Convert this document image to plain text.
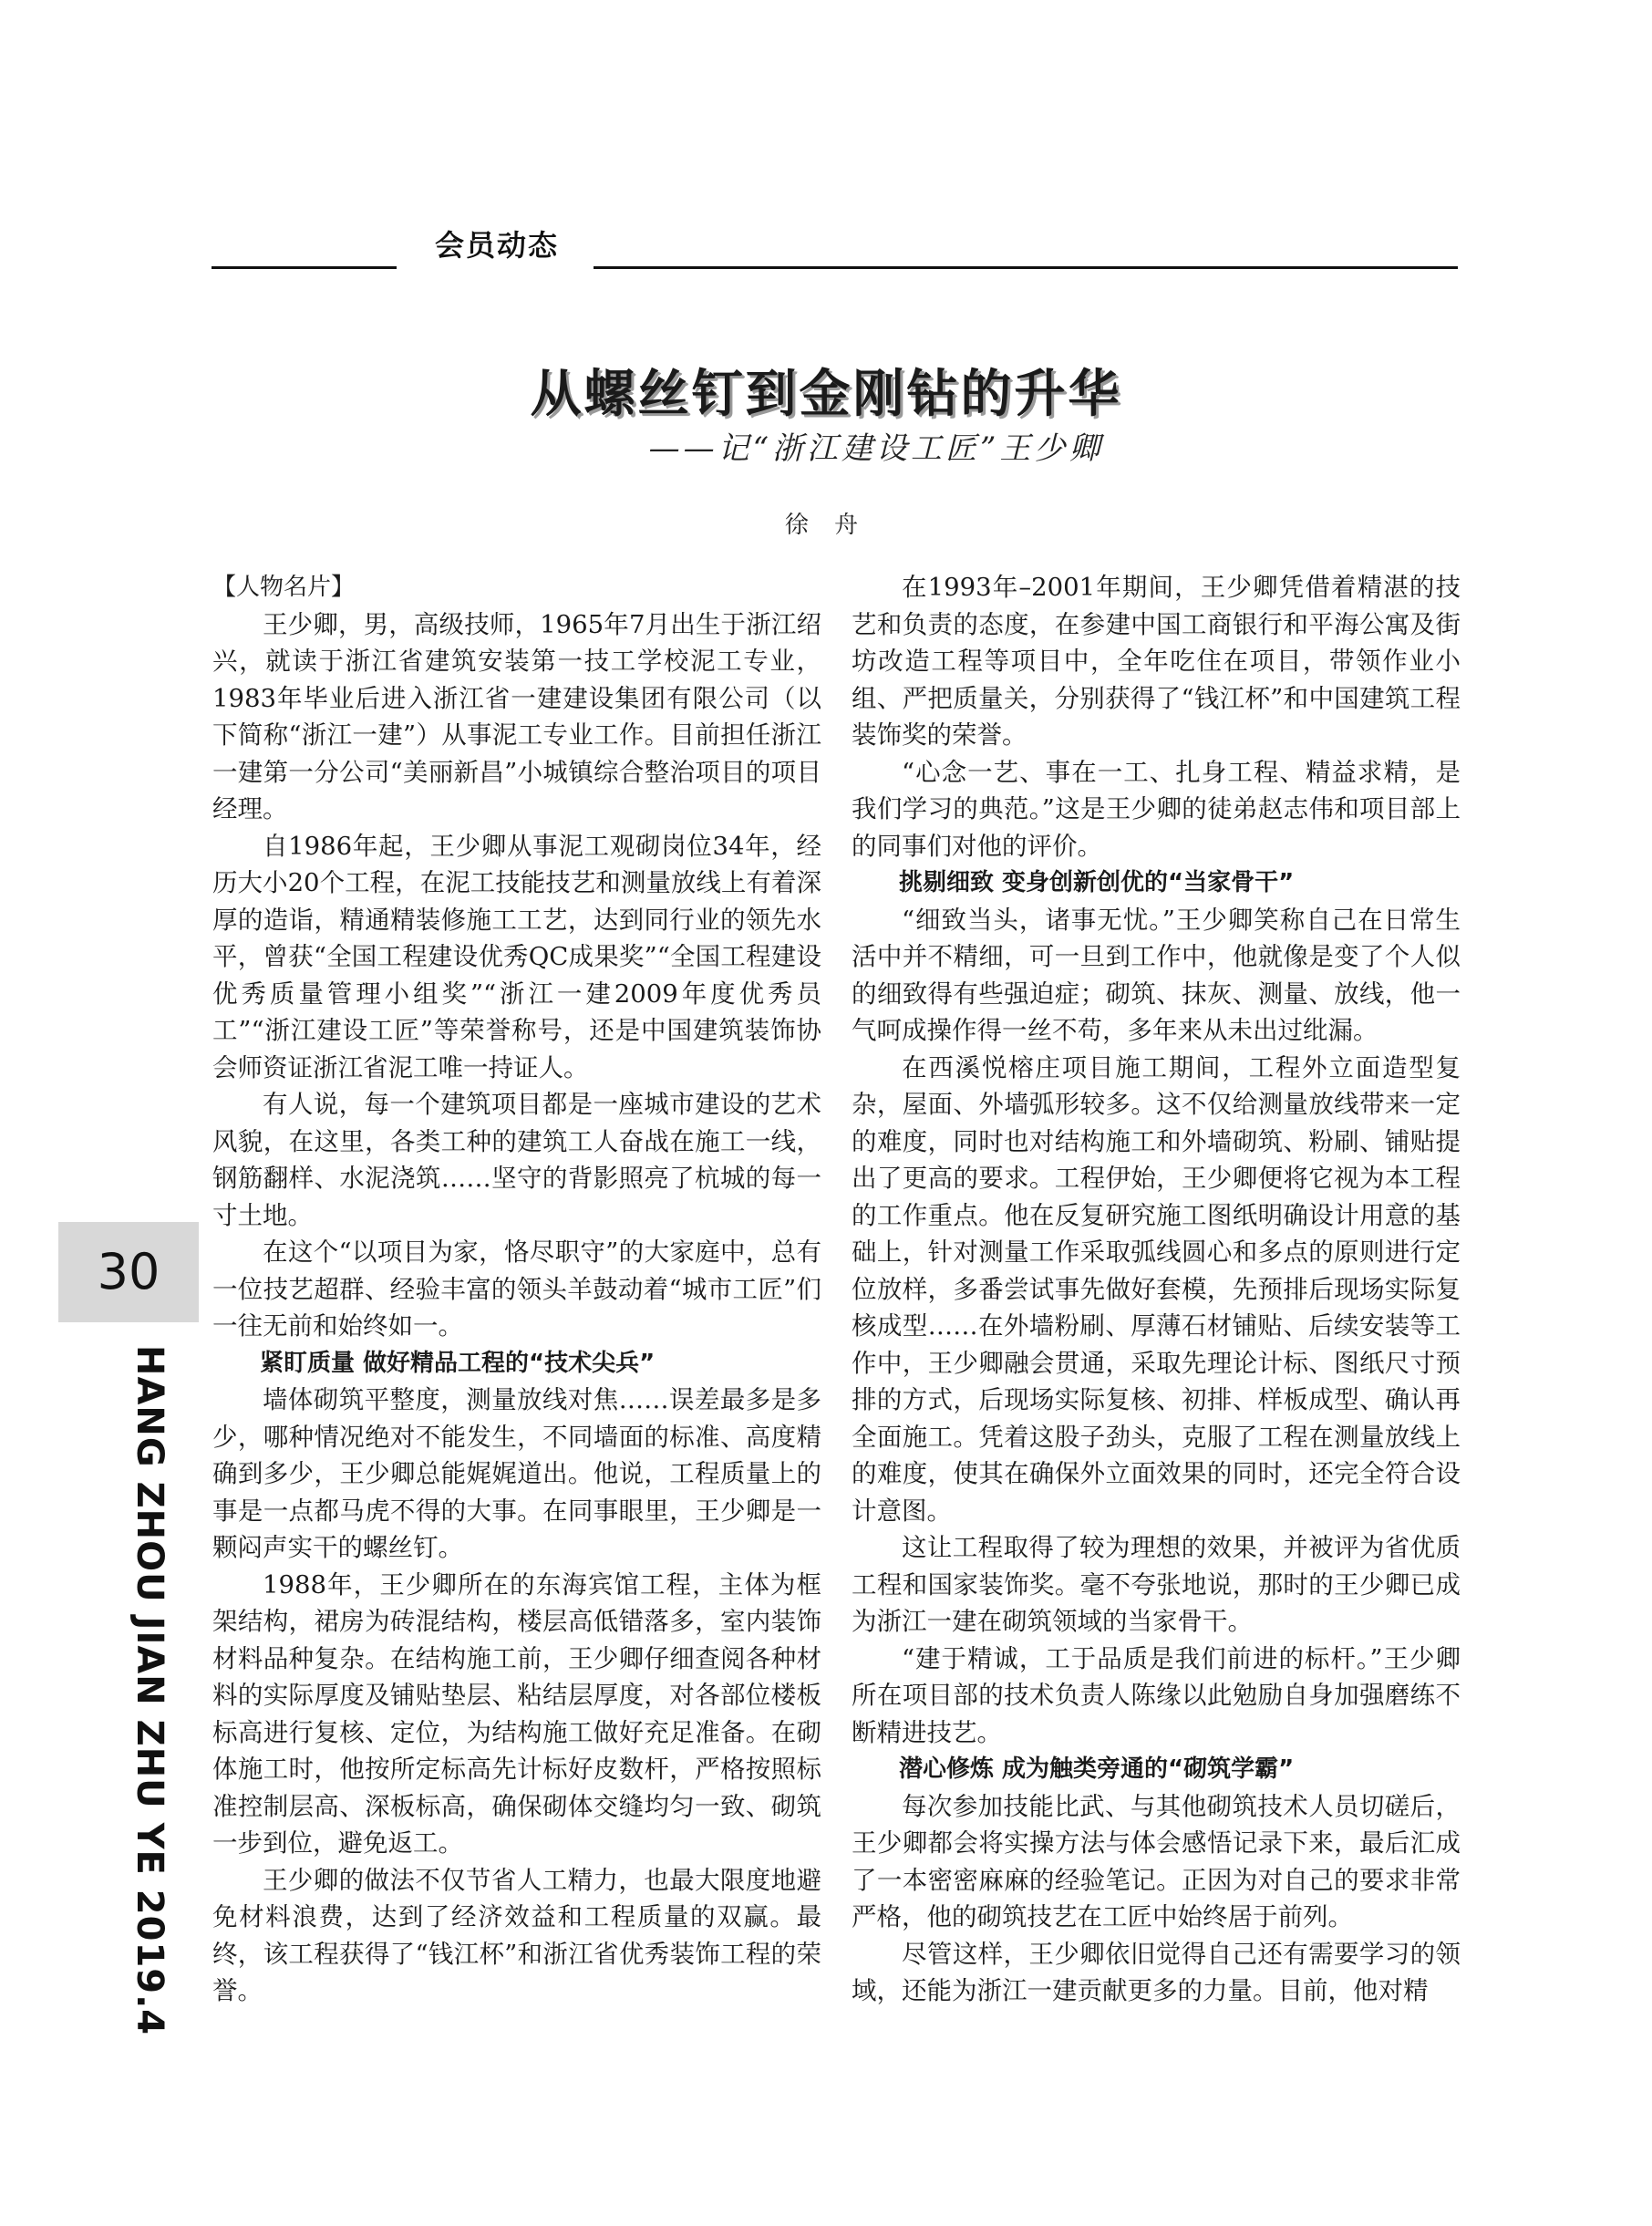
会员动态
从螺丝钉到金刚钻的升华
——记“浙江建设工匠”王少卿
徐 舟

【人物名片】

王少卿，男，高级技师，1965年7月出生于浙江绍兴，就读于浙江省建筑安装第一技工学校泥工专业，1983年毕业后进入浙江省一建建设集团有限公司（以下简称“浙江一建”）从事泥工专业工作。目前担任浙江一建第一分公司“美丽新昌”小城镇综合整治项目的项目经理。

自1986年起，王少卿从事泥工观砌岗位34年，经历大小20个工程，在泥工技能技艺和测量放线上有着深厚的造诣，精通精装修施工工艺，达到同行业的领先水平，曾获“全国工程建设优秀QC成果奖”“全国工程建设优秀质量管理小组奖”“浙江一建2009年度优秀员工”“浙江建设工匠”等荣誉称号，还是中国建筑装饰协会师资证浙江省泥工唯一持证人。

有人说，每一个建筑项目都是一座城市建设的艺术风貌，在这里，各类工种的建筑工人奋战在施工一线，钢筋翻样、水泥浇筑……坚守的背影照亮了杭城的每一寸土地。

在这个“以项目为家，恪尽职守”的大家庭中，总有一位技艺超群、经验丰富的领头羊鼓动着“城市工匠”们一往无前和始终如一。

紧盯质量 做好精品工程的“技术尖兵”

墙体砌筑平整度，测量放线对焦……误差最多是多少，哪种情况绝对不能发生，不同墙面的标准、高度精确到多少，王少卿总能娓娓道出。他说，工程质量上的事是一点都马虎不得的大事。在同事眼里，王少卿是一颗闷声实干的螺丝钉。

1988年，王少卿所在的东海宾馆工程，主体为框架结构，裙房为砖混结构，楼层高低错落多，室内装饰材料品种复杂。在结构施工前，王少卿仔细查阅各种材料的实际厚度及铺贴垫层、粘结层厚度，对各部位楼板标高进行复核、定位，为结构施工做好充足准备。在砌体施工时，他按所定标高先计标好皮数杆，严格按照标准控制层高、深板标高，确保砌体交缝均匀一致、砌筑一步到位，避免返工。

王少卿的做法不仅节省人工精力，也最大限度地避免材料浪费，达到了经济效益和工程质量的双赢。最终，该工程获得了“钱江杯”和浙江省优秀装饰工程的荣誉。

在1993年–2001年期间，王少卿凭借着精湛的技艺和负责的态度，在参建中国工商银行和平海公寓及街坊改造工程等项目中，全年吃住在项目，带领作业小组、严把质量关，分别获得了“钱江杯”和中国建筑工程装饰奖的荣誉。

“心念一艺、事在一工、扎身工程、精益求精，是我们学习的典范。”这是王少卿的徒弟赵志伟和项目部上的同事们对他的评价。

挑剔细致 变身创新创优的“当家骨干”

“细致当头，诸事无忧。”王少卿笑称自己在日常生活中并不精细，可一旦到工作中，他就像是变了个人似的细致得有些强迫症；砌筑、抹灰、测量、放线，他一气呵成操作得一丝不苟，多年来从未出过纰漏。

在西溪悦榕庄项目施工期间，工程外立面造型复杂，屋面、外墙弧形较多。这不仅给测量放线带来一定的难度，同时也对结构施工和外墙砌筑、粉刷、铺贴提出了更高的要求。工程伊始，王少卿便将它视为本工程的工作重点。他在反复研究施工图纸明确设计用意的基础上，针对测量工作采取弧线圆心和多点的原则进行定位放样，多番尝试事先做好套模，先预排后现场实际复核成型……在外墙粉刷、厚薄石材铺贴、后续安装等工作中，王少卿融会贯通，采取先理论计标、图纸尺寸预排的方式，后现场实际复核、初排、样板成型、确认再全面施工。凭着这股子劲头，克服了工程在测量放线上的难度，使其在确保外立面效果的同时，还完全符合设计意图。

这让工程取得了较为理想的效果，并被评为省优质工程和国家装饰奖。毫不夸张地说，那时的王少卿已成为浙江一建在砌筑领域的当家骨干。

“建于精诚，工于品质是我们前进的标杆。”王少卿所在项目部的技术负责人陈缘以此勉励自身加强磨练不断精进技艺。

潜心修炼 成为触类旁通的“砌筑学霸”

每次参加技能比武、与其他砌筑技术人员切磋后，王少卿都会将实操方法与体会感悟记录下来，最后汇成了一本密密麻麻的经验笔记。正因为对自己的要求非常严格，他的砌筑技艺在工匠中始终居于前列。

尽管这样，王少卿依旧觉得自己还有需要学习的领域，还能为浙江一建贡献更多的力量。目前，他对精

30
HANG ZHOU JIAN ZHU YE 2019.4
